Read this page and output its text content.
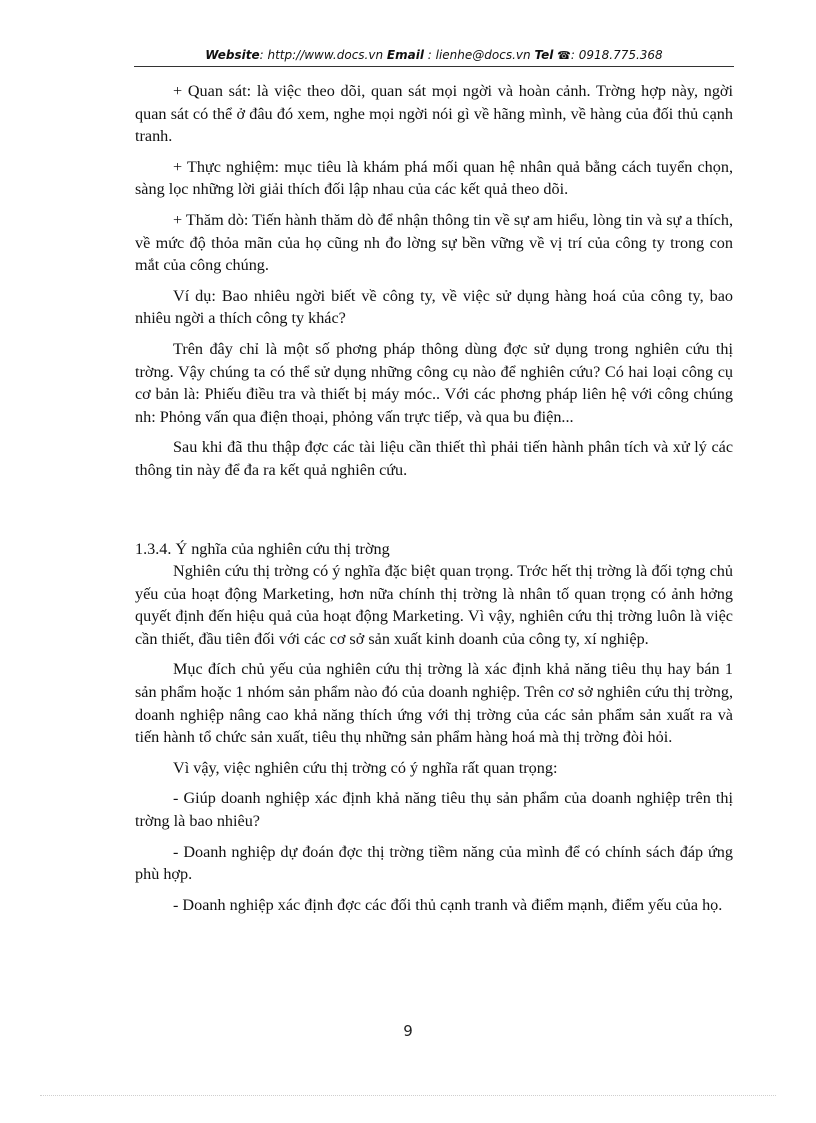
Website: http://www.docs.vn Email : lienhe@docs.vn Tel ☎: 0918.775.368

+ Quan sát: là việc theo dõi, quan sát mọi ngời và hoàn cảnh. Trờng hợp này, ngời quan sát có thể ở đâu đó xem, nghe mọi ngời nói gì về hãng mình, về hàng của đối thủ cạnh tranh.

+ Thực nghiệm: mục tiêu là khám phá mối quan hệ nhân quả bằng cách tuyển chọn, sàng lọc những lời giải thích đối lập nhau của các kết quả theo dõi.

+ Thăm dò: Tiến hành thăm dò để nhận thông tin về sự am hiểu, lòng tin và sự a thích, về mức độ thỏa mãn của họ cũng nh đo lờng sự bền vững về vị trí của công ty trong con mắt của công chúng.

Ví dụ: Bao nhiêu ngời biết về công ty, về việc sử dụng hàng hoá của công ty, bao nhiêu ngời a thích công ty khác?

Trên đây chỉ là một số phơng pháp thông dùng đợc sử dụng trong nghiên cứu thị trờng. Vậy chúng ta có thể sử dụng những công cụ nào để nghiên cứu? Có hai loại công cụ cơ bản là: Phiếu điều tra và thiết bị máy móc.. Với các phơng pháp liên hệ với công chúng nh: Phỏng vấn qua điện thoại, phỏng vấn trực tiếp, và qua bu điện...

Sau khi đã thu thập đợc các tài liệu cần thiết thì phải tiến hành phân tích và xử lý các thông tin này để đa ra kết quả nghiên cứu.

1.3.4. Ý nghĩa của nghiên cứu thị trờng

Nghiên cứu thị trờng có ý nghĩa đặc biệt quan trọng. Trớc hết thị trờng là đối tợng chủ yếu của hoạt động Marketing, hơn nữa chính thị trờng là nhân tố quan trọng có ảnh hởng quyết định đến hiệu quả của hoạt động Marketing. Vì vậy, nghiên cứu thị trờng luôn là việc cần thiết, đầu tiên đối với các cơ sở sản xuất kinh doanh của công ty, xí nghiệp.

Mục đích chủ yếu của nghiên cứu thị trờng là xác định khả năng tiêu thụ hay bán 1 sản phẩm hoặc 1 nhóm sản phẩm nào đó của doanh nghiệp. Trên cơ sở nghiên cứu thị trờng, doanh nghiệp nâng cao khả năng thích ứng với thị trờng của các sản phẩm sản xuất ra và tiến hành tổ chức sản xuất, tiêu thụ những sản phẩm hàng hoá mà thị trờng đòi hỏi.

Vì vậy, việc nghiên cứu thị trờng có ý nghĩa rất quan trọng:

- Giúp doanh nghiệp xác định khả năng tiêu thụ sản phẩm của doanh nghiệp trên thị trờng là bao nhiêu?

- Doanh nghiệp dự đoán đợc thị trờng tiềm năng của mình để có chính sách đáp ứng phù hợp.

- Doanh nghiệp xác định đợc các đối thủ cạnh tranh và điểm mạnh, điểm yếu của họ.

9
